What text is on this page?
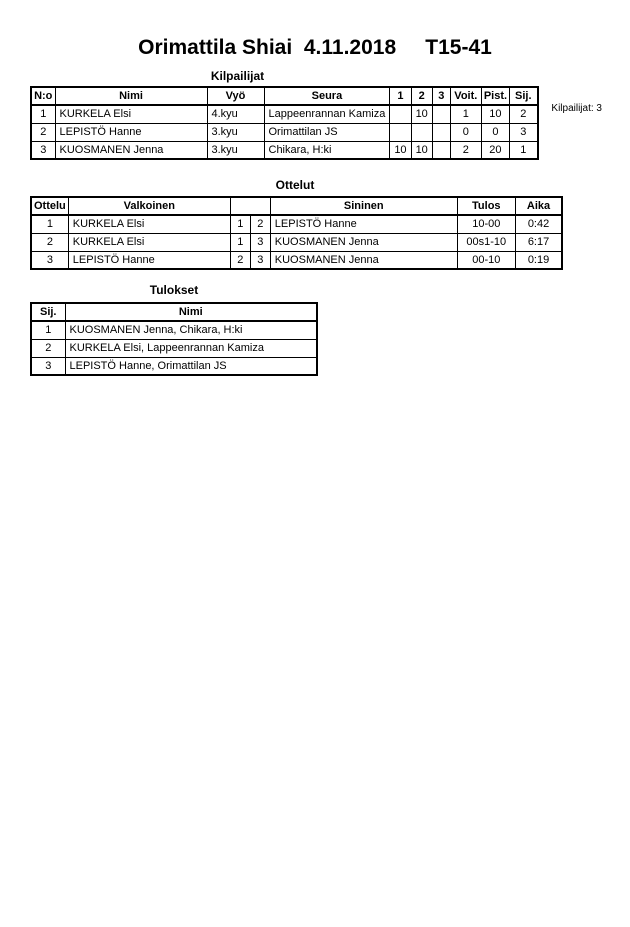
Orimattila Shiai  4.11.2018     T15-41
Kilpailijat: 3
Kilpailijat
N:o	Nimi	Vyö	Seura	1	2	3	Voit.	Pist.	Sij.
1	KURKELA Elsi	4.kyu	Lappeenrannan Kamiza		10		1	10	2
2	LEPISTÖ Hanne	3.kyu	Orimattilan JS				0	0	3
3	KUOSMANEN Jenna	3.kyu	Chikara, H:ki	10	10		2	20	1
Ottelut
Ottelu	Valkoinen			Sininen	Tulos	Aika
1	KURKELA Elsi	1	2	LEPISTÖ Hanne	10-00	0:42
2	KURKELA Elsi	1	3	KUOSMANEN Jenna	00s1-10	6:17
3	LEPISTÖ Hanne	2	3	KUOSMANEN Jenna	00-10	0:19
Tulokset
Sij.	Nimi
1	KUOSMANEN Jenna, Chikara, H:ki
2	KURKELA Elsi, Lappeenrannan Kamiza
3	LEPISTÖ Hanne, Orimattilan JS
